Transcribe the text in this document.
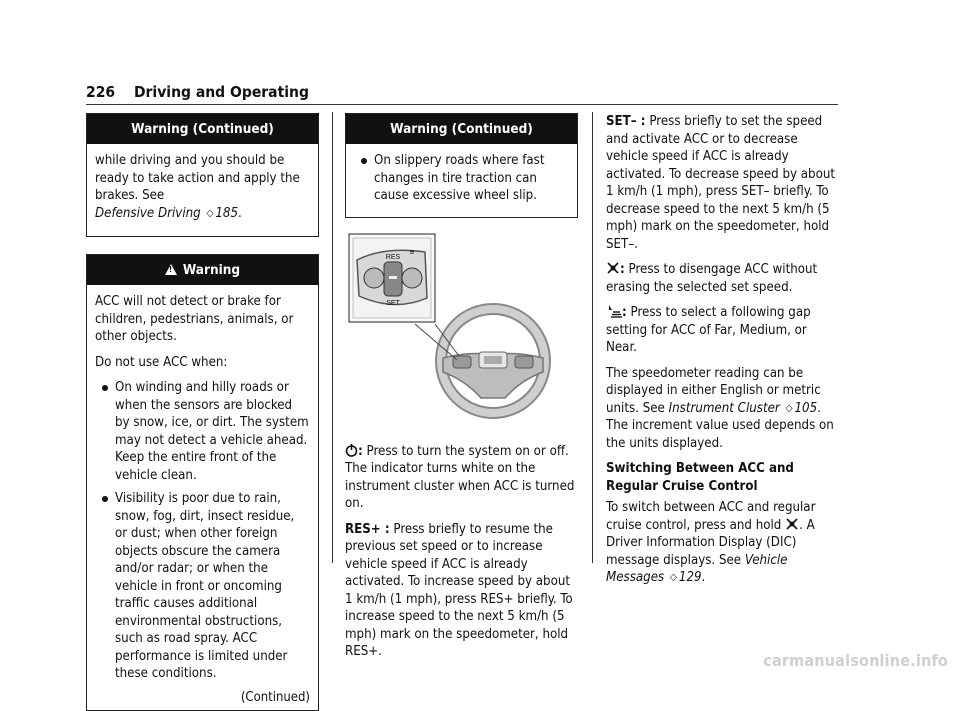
226 Driving and Operating
Warning (Continued)

while driving and you should be ready to take action and apply the brakes. See
Defensive Driving ◇ 185.

!Warning

ACC will not detect or brake for children, pedestrians, animals, or other objects.

Do not use ACC when:

On winding and hilly roads or when the sensors are blocked by snow, ice, or dirt. The system may not detect a vehicle ahead. Keep the entire front of the vehicle clean.
Visibility is poor due to rain, snow, fog, dirt, insect residue, or dust; when other foreign objects obscure the camera and/or radar; or when the vehicle in front or oncoming traffic causes additional environmental obstructions, such as road spray. ACC performance is limited under these conditions.
(Continued)
Warning (Continued)
On slippery roads where fast changes in tire traction can cause excessive wheel slip.
RES
SET
≡

: Press to turn the system on or off. The indicator turns white on the instrument cluster when ACC is turned on.

RES+ : Press briefly to resume the previous set speed or to increase vehicle speed if ACC is already activated. To increase speed by about 1 km/h (1 mph), press RES+ briefly. To increase speed to the next 5 km/h (5 mph) mark on the speedometer, hold RES+.

SET– : Press briefly to set the speed and activate ACC or to decrease vehicle speed if ACC is already activated. To decrease speed by about 1 km/h (1 mph), press SET– briefly. To decrease speed to the next 5 km/h (5 mph) mark on the speedometer, hold SET–.

: Press to disengage ACC without erasing the selected set speed.

: Press to select a following gap setting for ACC of Far, Medium, or Near.

The speedometer reading can be displayed in either English or metric units. See Instrument Cluster ◇ 105. The increment value used depends on the units displayed.

Switching Between ACC and Regular Cruise Control

To switch between ACC and regular cruise control, press and hold . A Driver Information Display (DIC) message displays. See Vehicle Messages ◇ 129.

carmanualsonline.info
